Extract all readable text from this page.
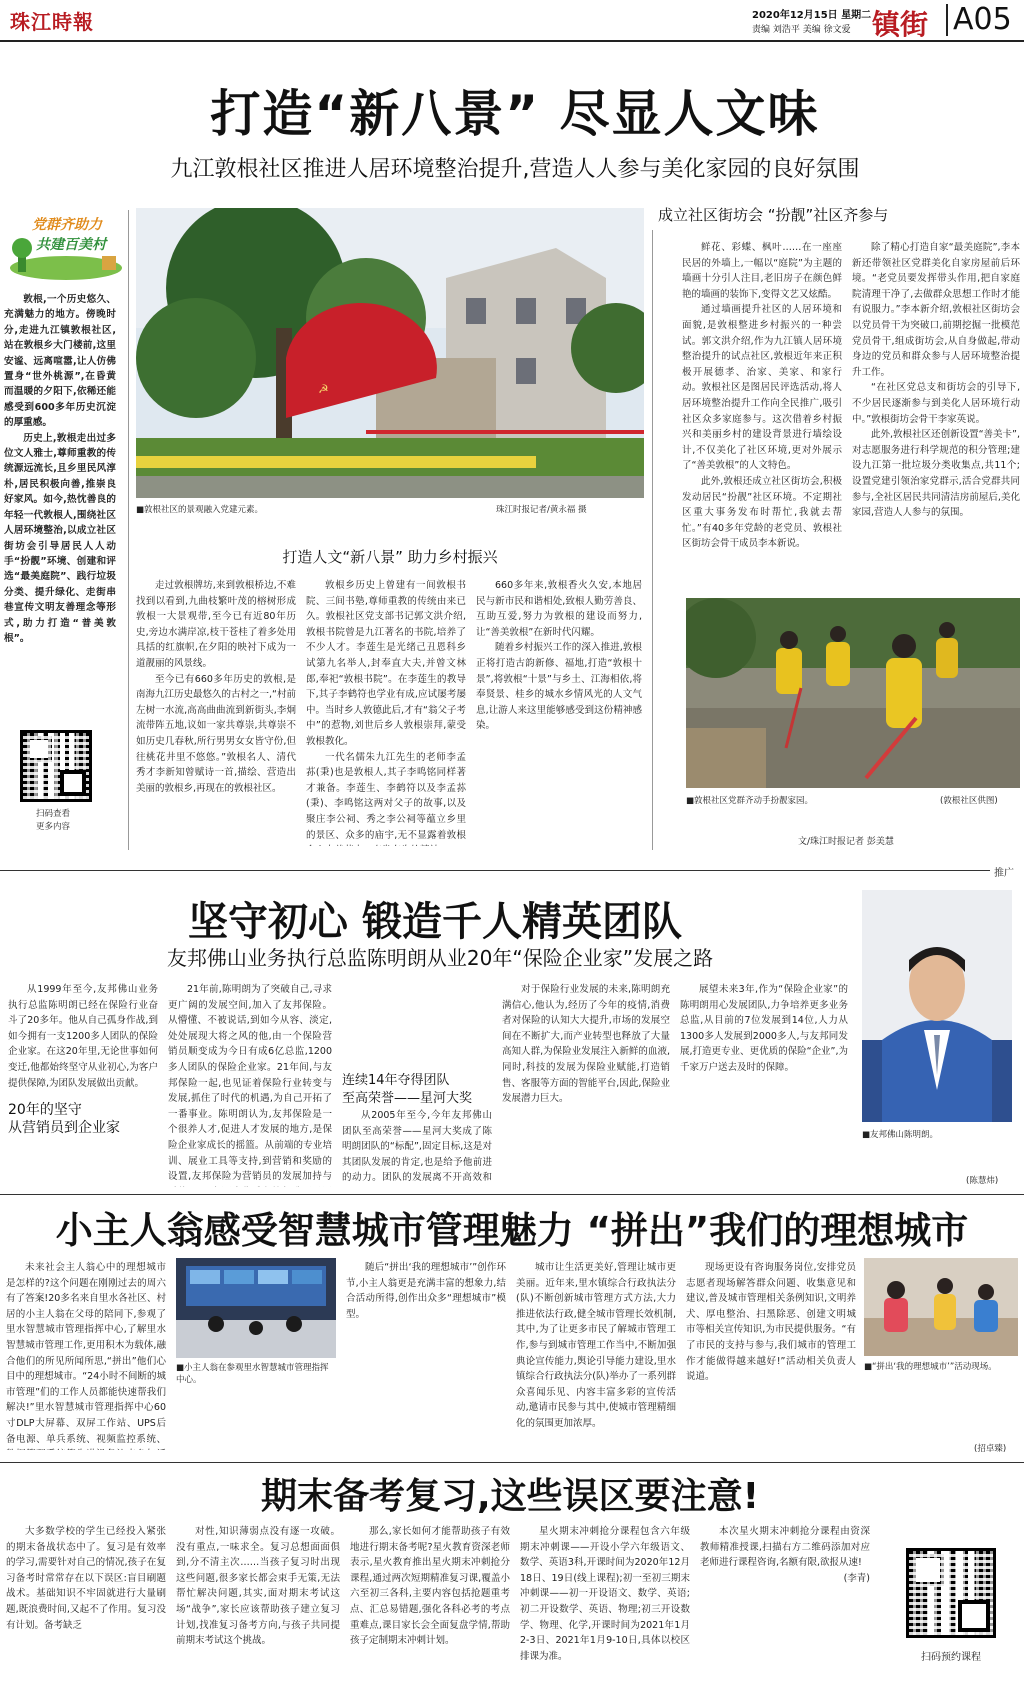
珠江時報	2020年12月15日 星期二
责编 刘浩平 美编 徐文爱 镇街 A05
打造“新八景” 尽显人文味
九江敦根社区推进人居环境整治提升,营造人人参与美化家园的良好氛围
党群齐助力
共建百美村

敦根,一个历史悠久、充满魅力的地方。傍晚时分,走进九江镇敦根社区,站在敦根乡大门楼前,这里安谧、远离喧嚣,让人仿佛置身“世外桃源”,在昏黄而温暖的夕阳下,依稀还能感受到600多年历史沉淀的厚重感。

历史上,敦根走出过多位文人雅士,尊师重教的传统源远流长,且乡里民风淳朴,居民积极向善,推崇良好家风。如今,热忱善良的年轻一代敦根人,围绕社区人居环境整治,以成立社区街坊会引导居民人人动手“扮靓”环境、创建和评选“最美庭院”、践行垃圾分类、提升绿化、走街串巷宣传文明友善理念等形式,助力打造“普美敦根”。

扫码查看
更多内容
☭
■敦根社区的景观融入党建元素。	珠江时报记者/黄永福 摄
打造人文“新八景” 助力乡村振兴

走过敦根牌坊,来到敦根桥边,不难找到以看到,九曲枝繁叶茂的榕树形成敦根一大景观带,至今已有近80年历史,旁边水满岸凉,枝干苍桂了着多处用具括的红旗帜,在夕阳的映衬下成为一道靓丽的风景线。

至今已有660多年历史的敦根,是南海九江历史最悠久的古村之一,“村前左树一水流,高高曲曲流到新街头,李炯流带阵五地,议如一家共尊崇,共尊崇不如历史几春秋,所行男男女女皆守份,但往桃花井里不悠悠。”敦根名人、清代秀才李新知曾赋诗一首,描绘、营造出美丽的敦根乡,再现在的敦根社区。

敦根乡历史上曾建有一间敦根书院、三间书塾,尊师重教的传统由来已久。敦根社区党支部书记郭文洪介绍,敦根书院曾是九江著名的书院,培养了不少人才。李莲生是光绪己丑恩科乡试第九名举人,封奉直大夫,并曾文林郎,奉祀“敦根书院”。在李莲生的教导下,其子李鹤符也学业有成,应试屡考屡中。当时乡人敦德此后,才有“翁父子考中”的惹物,刘世后乡人敦根崇拜,蒙受敦根教化。

一代名儒朱九江先生的老师李孟荪(秉)也是敦根人,其子李鸣铭同样著才兼备。李莲生、李鹤符以及李孟荪(秉)、李鸣铭这两对父子的故事,以及聚庄李公祠、秀之李公祠等蕴立乡里的景区、众多的庙宇,无不显露着敦根

660多年来,敦根香火久安,本地居民与新市民和谐相处,致根人勤劳善良、互助互爱,努力为敦根的建设而努力,让“善美敦根”在新时代闪耀。

随着乡村振兴工作的深入推进,敦根正将打造古韵新修、福地,打造“敦根十景”,将敦根“十景”与乡土、江海相依,将奉贤景、桂乡的城水乡情风光的人文气息,让游人来这里能够感受到这份精神感染。

成立社区街坊会 “扮靓”社区齐参与

鲜花、彩蝶、枫叶……在一座座民居的外墙上,一幅以“庭院”为主题的墙画十分引人注目,老旧房子在颜色鲜艳的墙画的装饰下,变得文艺又炫酷。

通过墙画提升社区的人居环境和面貌,是敦根整进乡村振兴的一种尝试。郭文洪介绍,作为九江镇人居环境整治提升的试点社区,敦根近年来正积极开展德孝、治家、美家、和家行动。敦根社区是图居民评选活动,将人居环境整治提升工作向全民推广,吸引社区众多家庭参与。这次借着乡村振兴和美丽乡村的建设背景进行墙绘设计,不仅美化了社区环境,更对外展示了“善美敦根”的人文特色。

此外,敦根还成立社区街坊会,积极发动居民“扮靓”社区环境。不定期社区重大事务发布时帮忙,我就去帮忙。”有40多年党龄的老党员、敦根社区街坊会骨干成员李本新说。

除了精心打造自家“最美庭院”,李本新还带领社区党群美化自家房屋前后环境。“老党员要发挥带头作用,把自家庭院清理干净了,去做群众思想工作时才能有说服力。”李本新介绍,敦根社区街坊会以党员骨干为突破口,前期挖掘一批模范党员骨干,组成街坊会,从自身做起,带动身边的党员和群众参与人居环境整治提升工作。

“在社区党总支和街坊会的引导下,不少居民逐渐参与到美化人居环境行动中。”敦根街坊会骨干李家英说。

此外,敦根社区还创新设置“善美卡”,对志愿服务进行科学规范的积分管理;建设九江第一批垃圾分类收集点,共11个;设置党建引领治家党群示,活合党群共同参与,全社区居民共同清洁房前屋后,美化家园,营造人人参与的氛围。

■敦根社区党群齐动手扮靓家园。	(敦根社区供图)
文/珠江时报记者 彭美慧
推广
坚守初心 锻造千人精英团队
友邦佛山业务执行总监陈明朗从业20年“保险企业家”发展之路

从1999年至今,友邦佛山业务执行总监陈明朗已经在保险行业奋斗了20多年。他从自己孤身作战,到如今拥有一支1200多人团队的保险企业家。在这20年里,无论世事如何变迁,他都始终坚守从业初心,为客户提供保障,为团队发展做出贡献。

20年的坚守
从营销员到企业家

21年前,陈明朗为了突破自己,寻求更广阔的发展空间,加入了友邦保险。从懵懂、不被说话,到如今从容、淡定,处处展现大将之风的他,由一个保险营销员顺变成为今日有成6亿总监,1200多人团队的保险企业家。21年间,与友邦保险一起,也见证着保险行业转变与发展,抓住了时代的机遇,为自己开拓了一番事业。陈明朗认为,友邦保险是一个很养人才,促进人才发展的地方,是保险企业家成长的摇篮。从前端的专业培训、展业工具等支持,到营销和奖励的设置,友邦保险为营销员的发展加持与

连续14年夺得团队
至高荣誉——星河大奖

从2005年至今,今年友邦佛山团队至高荣誉——星河大奖成了陈明朗团队的“标配”,固定目标,这是对其团队发展的肯定,也是给予他前进的动力。团队的发展离不开高效和

对于保险行业发展的未来,陈明朗充满信心,他认为,经历了今年的疫情,消费者对保险的认知大大提升,市场的发展空间在不断扩大,而产业转型也释放了大量高知人群,为保险业发展注入新鲜的血液,同时,科技的发展为保险业赋能,打造销售、客服等方面的智能平台,因此,保险业发展潜力巨大。

展望未来3年,作为“保险企业家”的陈明朗用心发展团队,力争培养更多业务总监,从目前的7位发展到14位,人力从1300多人发展到2000多人,与友邦同发展,打造更专业、更优质的保险“企业”,为千家万户送去及时的保障。

■友邦佛山陈明朗。
(陈慧炜)
小主人翁感受智慧城市管理魅力 “拼出”我们的理想城市

未来社会主人翁心中的理想城市是怎样的?这个问题在刚刚过去的周六有了答案!20多名来自里水各社区、村居的小主人翁在父母的陪同下,参观了里水智慧城市管理指挥中心,了解里水智慧城市管理工作,更用积木为载体,融合他们的所见所闻所思,“拼出”他们心目中的理想城市。“24小时不间断的城市管理”们的工作人员都能快速帮我们解决!”里水智慧城市管理指挥中心60寸DLP大屏幕、双屏工作站、UPS后备电源、单兵系统、视频监控系统、

■小主人翁在参观里水智慧城市管理指挥中心。

随后“拼出‘我的理想城市’”创作环节,小主人翁更是充满丰富的想象力,结合活动所得,创作出众多“理想城市”模型。

城市让生活更美好,管理让城市更美丽。近年来,里水镇综合行政执法分(队)不断创新城市管理方式方法,大力推进依法行政,健全城市管理长效机制,其中,为了让更多市民了解城市管理工作,参与到城市管理工作当中,不断加强典论宣传能力,舆论引导能力建设,里水镇综合行政执法分(队)举办了一系列群众喜闻乐见、内容丰富多彩的宣传活动,邀请市民参与其中,使城市管理精细化的氛围更加浓厚。

现场更设有咨询服务岗位,安排党员志愿者现场解答群众问题、收集意见和建议,普及城市管理相关条例知识,文明养犬、厚电整治、扫黑除恶、创建文明城市等相关宣传知识,为市民提供服务。“有了市民的支持与参与,我们城市的管理工作才能做得越来越好!”活动相关负责人说道。

■“拼出‘我的理想城市’”活动现场。
(招卓臻)
期末备考复习,这些误区要注意!

大多数学校的学生已经投入紧张的期末备战状态中了。复习是有效率的学习,需要针对自己的情况,孩子在复习备考时常常存在以下误区:盲目刷题战术。基础知识不牢固就进行大量刷题,既浪费时间,又起不了作用。复习没有计划。备考缺乏

对性,知识薄弱点没有逐一攻破。没有重点,一味求全。复习总想面面俱到,分不清主次……当孩子复习时出现这些问题,很多家长都会束手无策,无法帮忙解决问题,其实,面对期末考试这场“战争”,家长应该帮助孩子建立复习计划,找准复习备考方向,与孩子共同提前期末考试这个挑战。

那么,家长如何才能帮助孩子有效地进行期末备考呢?星火教育资深老师表示,星火教育推出星火期末冲刺抢分课程,通过两次短期精准复习课,覆盖小六至初三各科,主要内容包括抢题重考点、汇总易错题,强化各科必考的考点重难点,课目家长会全面复盘学情,帮助孩子定制期末冲刺计划。

星火期末冲刺抢分课程包含六年级期末冲刺课——开设小学六年级语文、数学、英语3科,开课时间为2020年12月18日、19日(线上课程);初一至初三期末冲刺课——初一开设语文、数学、英语;初二开设数学、英语、物理;初三开设数学、物理、化学,开课时间为2021年1月2-3日、2021年1月9-10日,具体以校区排课为准。

本次星火期末冲刺抢分课程由资深教师精准授课,扫描右方二维码添加对应老师进行课程咨询,名额有限,欲报从速!

(李青)
扫码预约课程
